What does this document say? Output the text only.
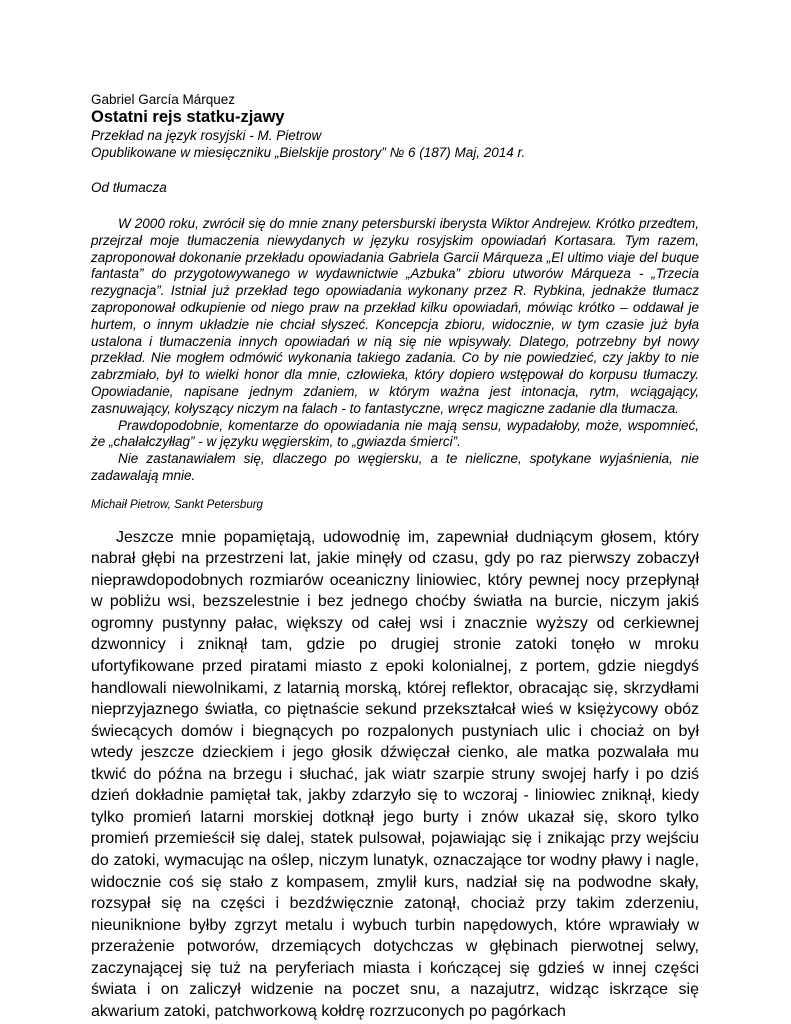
Gabriel García Márquez
Ostatni rejs statku-zjawy
Przekład na język rosyjski - M. Pietrow
Opublikowane w miesięczniku „Bielskije prostory” № 6 (187) Maj, 2014 r.
Od tłumacza

W 2000 roku, zwrócił się do mnie znany petersburski iberysta Wiktor Andrejew. Krótko przedtem, przejrzał moje tłumaczenia niewydanych w języku rosyjskim opowiadań Kortasara. Tym razem, zaproponował dokonanie przekładu opowiadania Gabriela Garcii Márqueza „El ultimo viaje del buque fantasta” do przygotowywanego w wydawnictwie „Azbuka” zbioru utworów Márqueza - „Trzecia rezygnacja”. Istniał już przekład tego opowiadania wykonany przez R. Rybkina, jednakże tłumacz zaproponował odkupienie od niego praw na przekład kilku opowiadań, mówiąc krótko – oddawał je hurtem, o innym układzie nie chciał słyszeć. Koncepcja zbioru, widocznie, w tym czasie już była ustalona i tłumaczenia innych opowiadań w nią się nie wpisywały. Dlatego, potrzebny był nowy przekład. Nie mogłem odmówić wykonania takiego zadania. Co by nie powiedzieć, czy jakby to nie zabrzmiało, był to wielki honor dla mnie, człowieka, który dopiero wstępował do korpusu tłumaczy. Opowiadanie, napisane jednym zdaniem, w którym ważna jest intonacja, rytm, wciągający, zasnuwający, kołyszący niczym na falach - to fantastyczne, wręcz magiczne zadanie dla tłumacza.

Prawdopodobnie, komentarze do opowiadania nie mają sensu, wypadałoby, może, wspomnieć, że „chałałczyłłag” - w języku węgierskim, to „gwiazda śmierci”.

Nie zastanawiałem się, dlaczego po węgiersku, a te nieliczne, spotykane wyjaśnienia, nie zadawalają mnie.

Michaił Pietrow, Sankt Petersburg

Jeszcze mnie popamiętają, udowodnię im, zapewniał dudniącym głosem, który nabrał głębi na przestrzeni lat, jakie minęły od czasu, gdy po raz pierwszy zobaczył nieprawdopodobnych rozmiarów oceaniczny liniowiec, który pewnej nocy przepłynął w pobliżu wsi, bezszelestnie i bez jednego choćby światła na burcie, niczym jakiś ogromny pustynny pałac, większy od całej wsi i znacznie wyższy od cerkiewnej dzwonnicy i zniknął tam, gdzie po drugiej stronie zatoki tonęło w mroku ufortyfikowane przed piratami miasto z epoki kolonialnej, z portem, gdzie niegdyś handlowali niewolnikami, z latarnią morską, której reflektor, obracając się, skrzydłami nieprzyjaznego światła, co piętnaście sekund przekształcał wieś w księżycowy obóz świecących domów i biegnących po rozpalonych pustyniach ulic i chociaż on był wtedy jeszcze dzieckiem i jego głosik dźwięczał cienko, ale matka pozwalała mu tkwić do późna na brzegu i słuchać, jak wiatr szarpie struny swojej harfy i po dziś dzień dokładnie pamiętał tak, jakby zdarzyło się to wczoraj - liniowiec zniknął, kiedy tylko promień latarni morskiej dotknął jego burty i znów ukazał się, skoro tylko promień przemieścił się dalej, statek pulsował, pojawiając się i znikając przy wejściu do zatoki, wymacując na oślep, niczym lunatyk, oznaczające tor wodny pławy i nagle, widocznie coś się stało z kompasem, zmylił kurs, nadział się na podwodne skały, rozsypał się na części i bezdźwięcznie zatonął, chociaż przy takim zderzeniu, nieuniknione byłby zgrzyt metalu i wybuch turbin napędowych, które wprawiały w przerażenie potworów, drzemiących dotychczas w głębinach pierwotnej selwy, zaczynającej się tuż na peryferiach miasta i kończącej się gdzieś w innej części świata i on zaliczył widzenie na poczet snu, a nazajutrz, widząc iskrzące się akwarium zatoki, patchworkową kołdrę rozrzuconych po pagórkach
